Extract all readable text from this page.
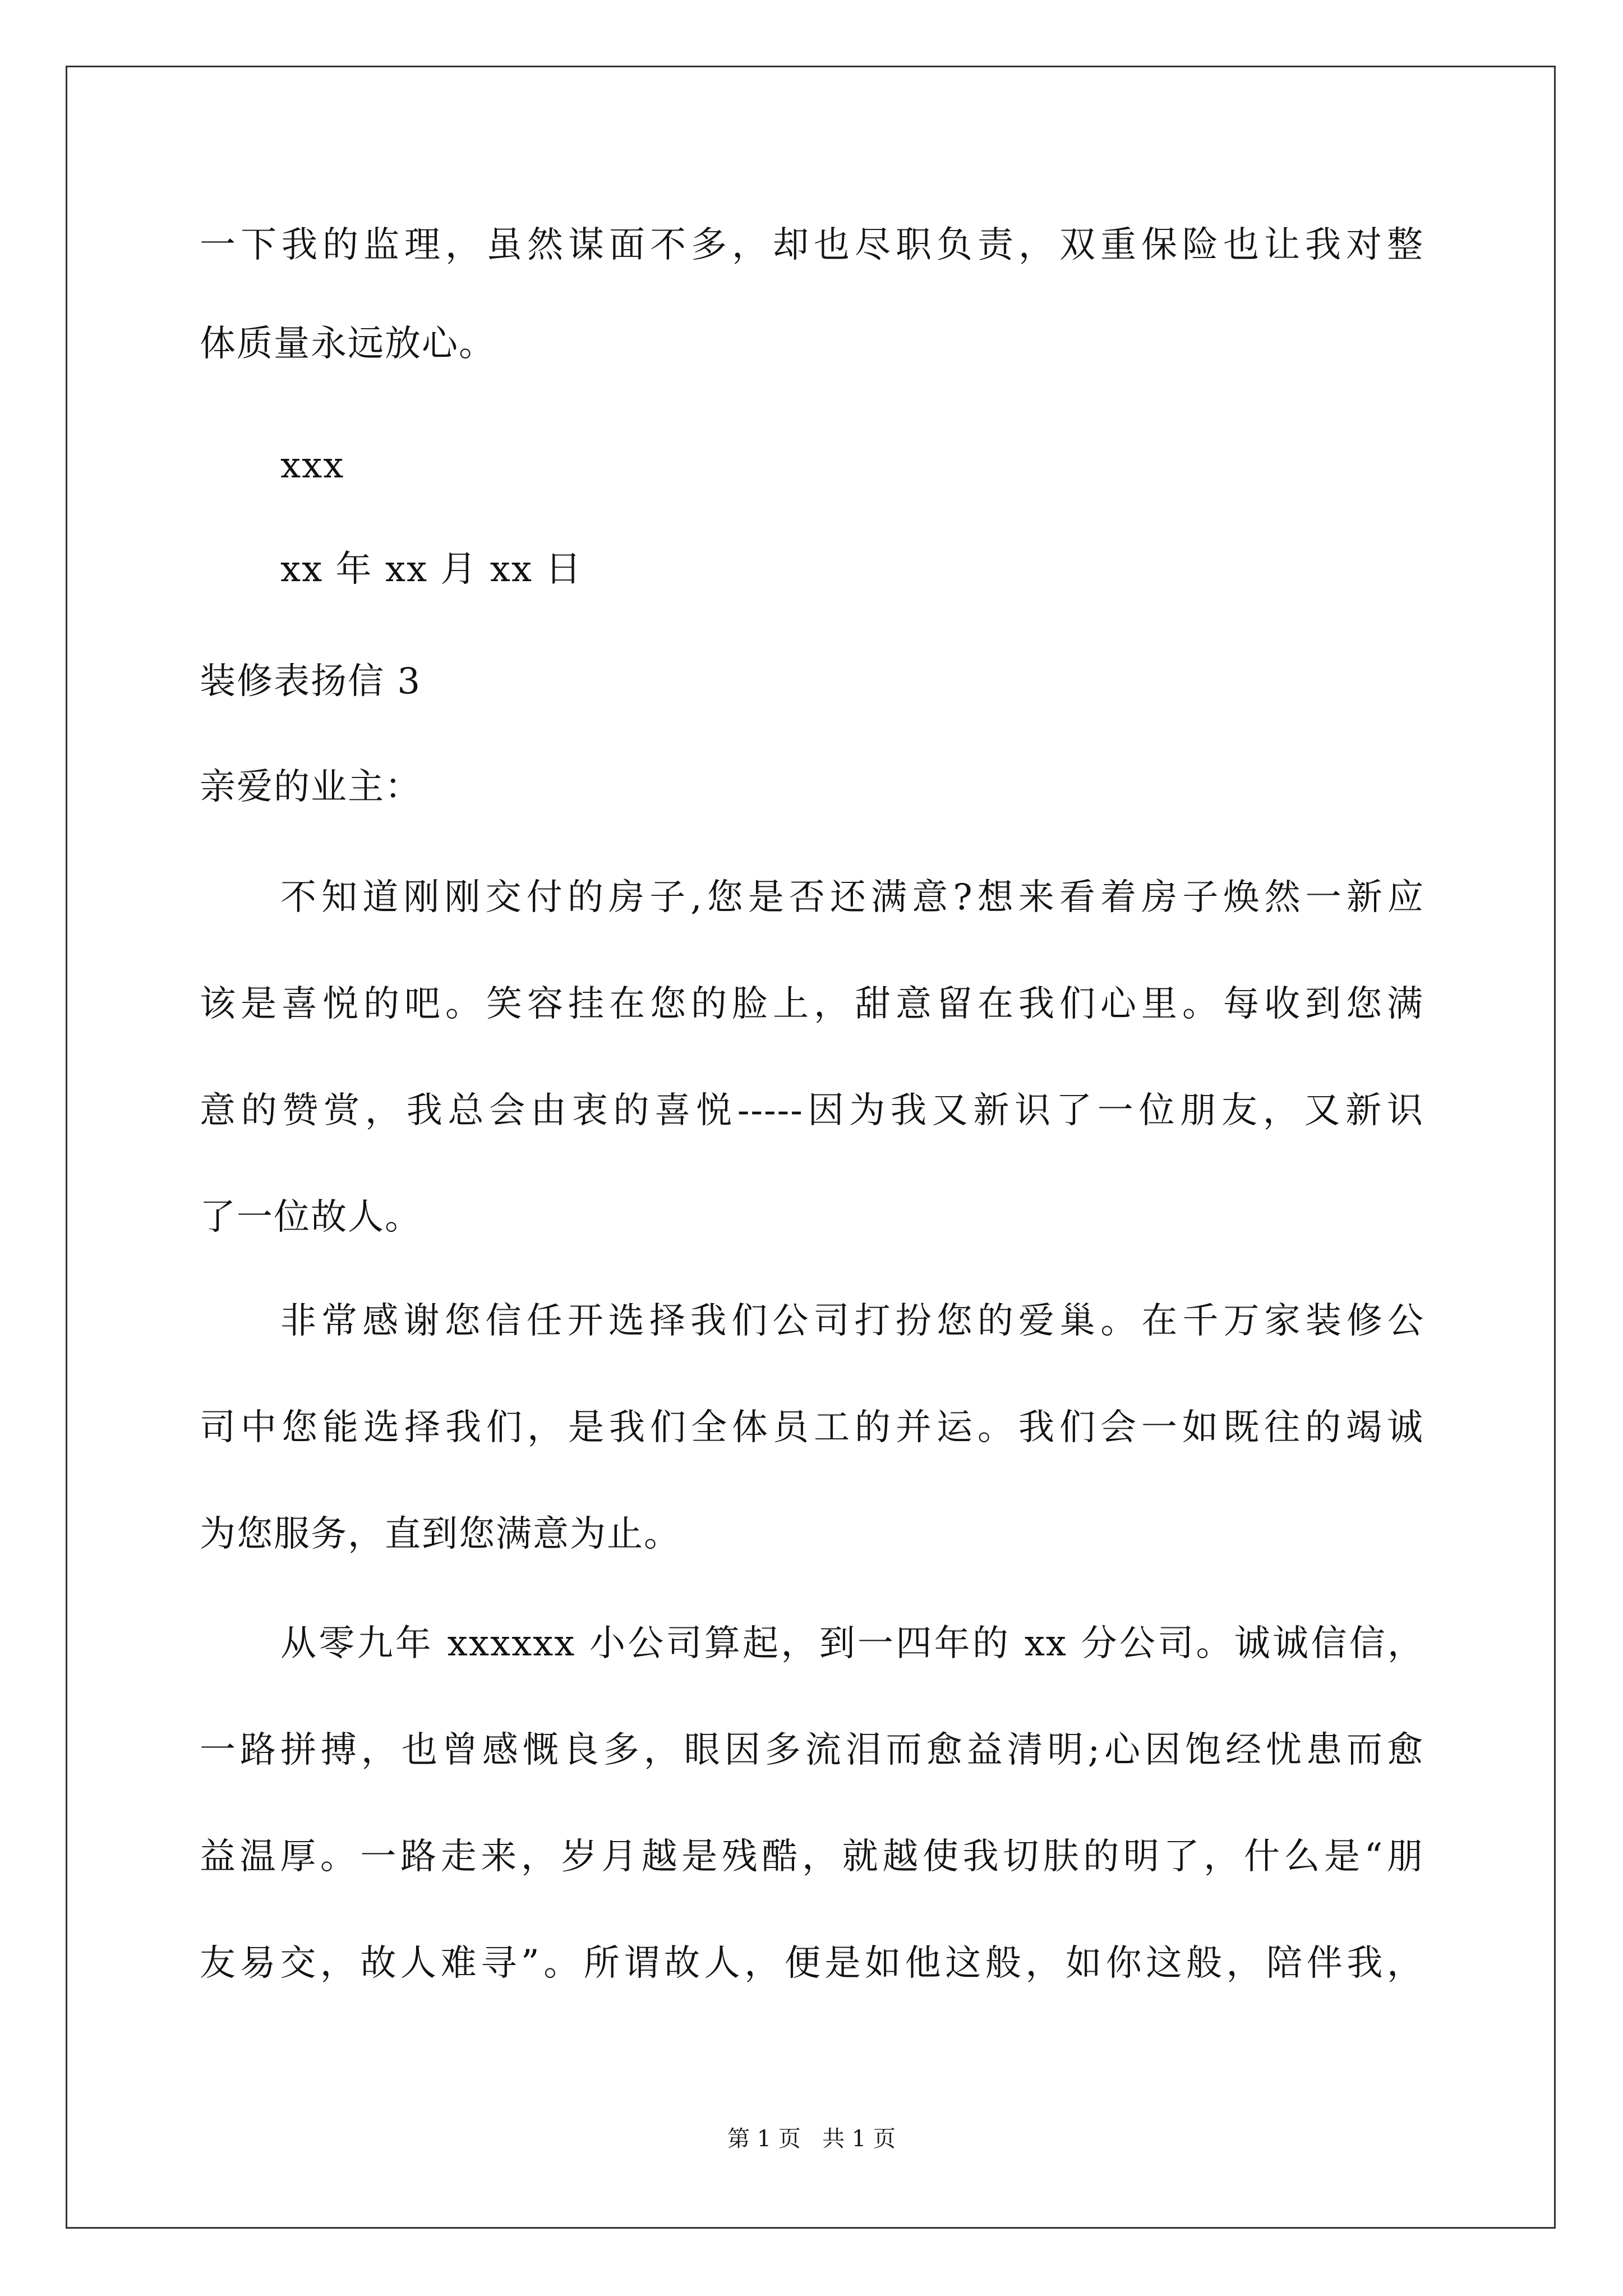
一下我的监理，虽然谋面不多，却也尽职负责，双重保险也让我对整
体质量永远放心。
xxx
xx 年 xx 月 xx 日
装修表扬信 3
亲爱的业主：
不知道刚刚交付的房子,您是否还满意?想来看着房子焕然一新应
该是喜悦的吧。笑容挂在您的脸上，甜意留在我们心里。每收到您满
意的赞赏，我总会由衷的喜悦-----因为我又新识了一位朋友，又新识
了一位故人。
非常感谢您信任开选择我们公司打扮您的爱巢。在千万家装修公
司中您能选择我们，是我们全体员工的并运。我们会一如既往的竭诚
为您服务，直到您满意为止。
从零九年 xxxxxx 小公司算起，到一四年的 xx 分公司。诚诚信信，
一路拼搏，也曾感慨良多，眼因多流泪而愈益清明;心因饱经忧患而愈
益温厚。一路走来，岁月越是残酷，就越使我切肤的明了，什么是“朋
友易交，故人难寻”。所谓故人，便是如他这般，如你这般，陪伴我，
第 1 页   共 1 页
